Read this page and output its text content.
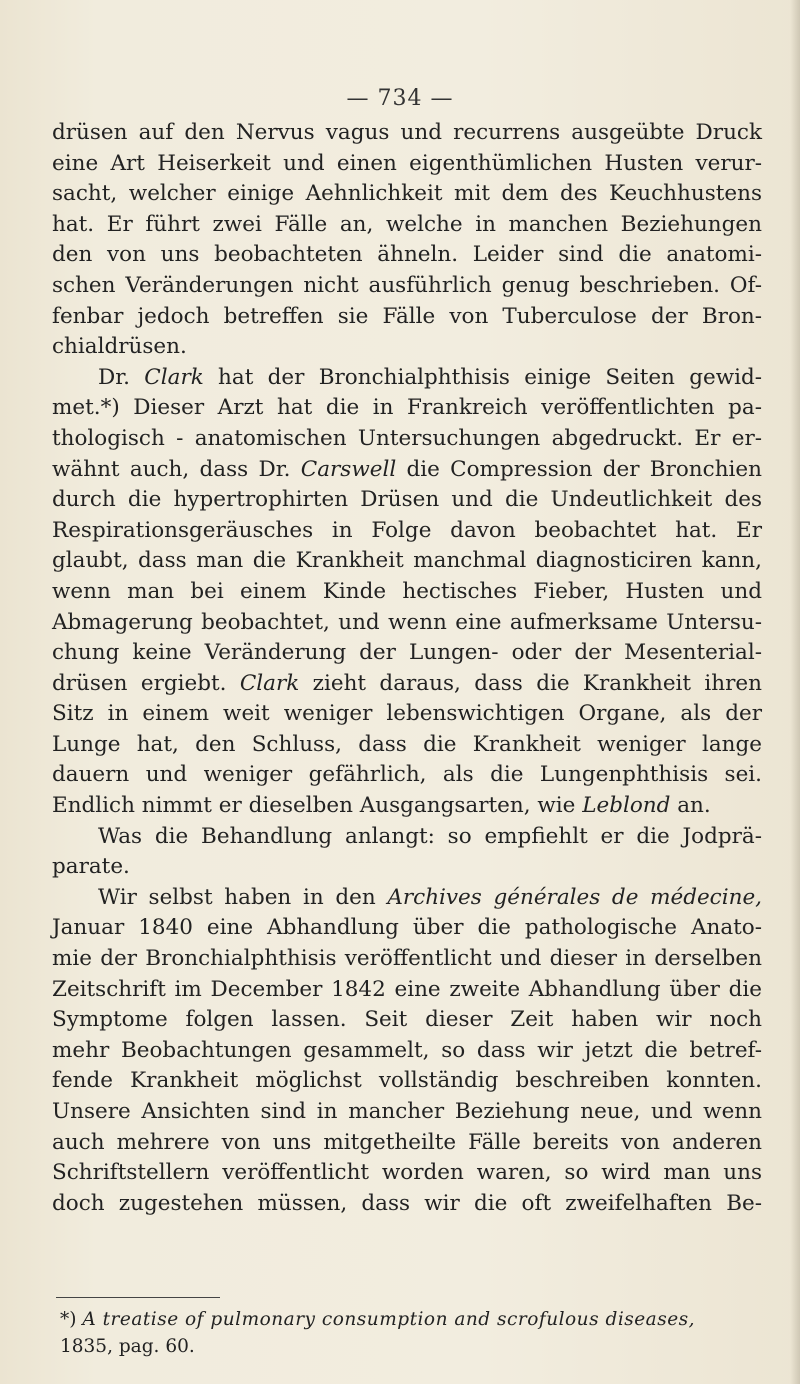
— 734 —

drüsen auf den Nervus vagus und recurrens ausgeübte Druck
eine Art Heiserkeit und einen eigenthümlichen Husten verur-
sacht, welcher einige Aehnlichkeit mit dem des Keuchhustens
hat. Er führt zwei Fälle an, welche in manchen Beziehungen
den von uns beobachteten ähneln. Leider sind die anatomi-
schen Veränderungen nicht ausführlich genug beschrieben. Of-
fenbar jedoch betreffen sie Fälle von Tuberculose der Bron-
chialdrüsen.

Dr. Clark hat der Bronchialphthisis einige Seiten gewid-
met.*) Dieser Arzt hat die in Frankreich veröffentlichten pa-
thologisch - anatomischen Untersuchungen abgedruckt. Er er-
wähnt auch, dass Dr. Carswell die Compression der Bronchien
durch die hypertrophirten Drüsen und die Undeutlichkeit des
Respirationsgeräusches in Folge davon beobachtet hat. Er
glaubt, dass man die Krankheit manchmal diagnosticiren kann,
wenn man bei einem Kinde hectisches Fieber, Husten und
Abmagerung beobachtet, und wenn eine aufmerksame Untersu-
chung keine Veränderung der Lungen- oder der Mesenterial-
drüsen ergiebt. Clark zieht daraus, dass die Krankheit ihren
Sitz in einem weit weniger lebenswichtigen Organe, als der
Lunge hat, den Schluss, dass die Krankheit weniger lange
dauern und weniger gefährlich, als die Lungenphthisis sei.
Endlich nimmt er dieselben Ausgangsarten, wie Leblond an.

Was die Behandlung anlangt: so empfiehlt er die Jodprä-
parate.

Wir selbst haben in den Archives générales de médecine,
Januar 1840 eine Abhandlung über die pathologische Anato-
mie der Bronchialphthisis veröffentlicht und dieser in derselben
Zeitschrift im December 1842 eine zweite Abhandlung über die
Symptome folgen lassen. Seit dieser Zeit haben wir noch
mehr Beobachtungen gesammelt, so dass wir jetzt die betref-
fende Krankheit möglichst vollständig beschreiben konnten.
Unsere Ansichten sind in mancher Beziehung neue, und wenn
auch mehrere von uns mitgetheilte Fälle bereits von anderen
Schriftstellern veröffentlicht worden waren, so wird man uns
doch zugestehen müssen, dass wir die oft zweifelhaften Be-

*) A treatise of pulmonary consumption and scrofulous diseases,
1835, pag. 60.
